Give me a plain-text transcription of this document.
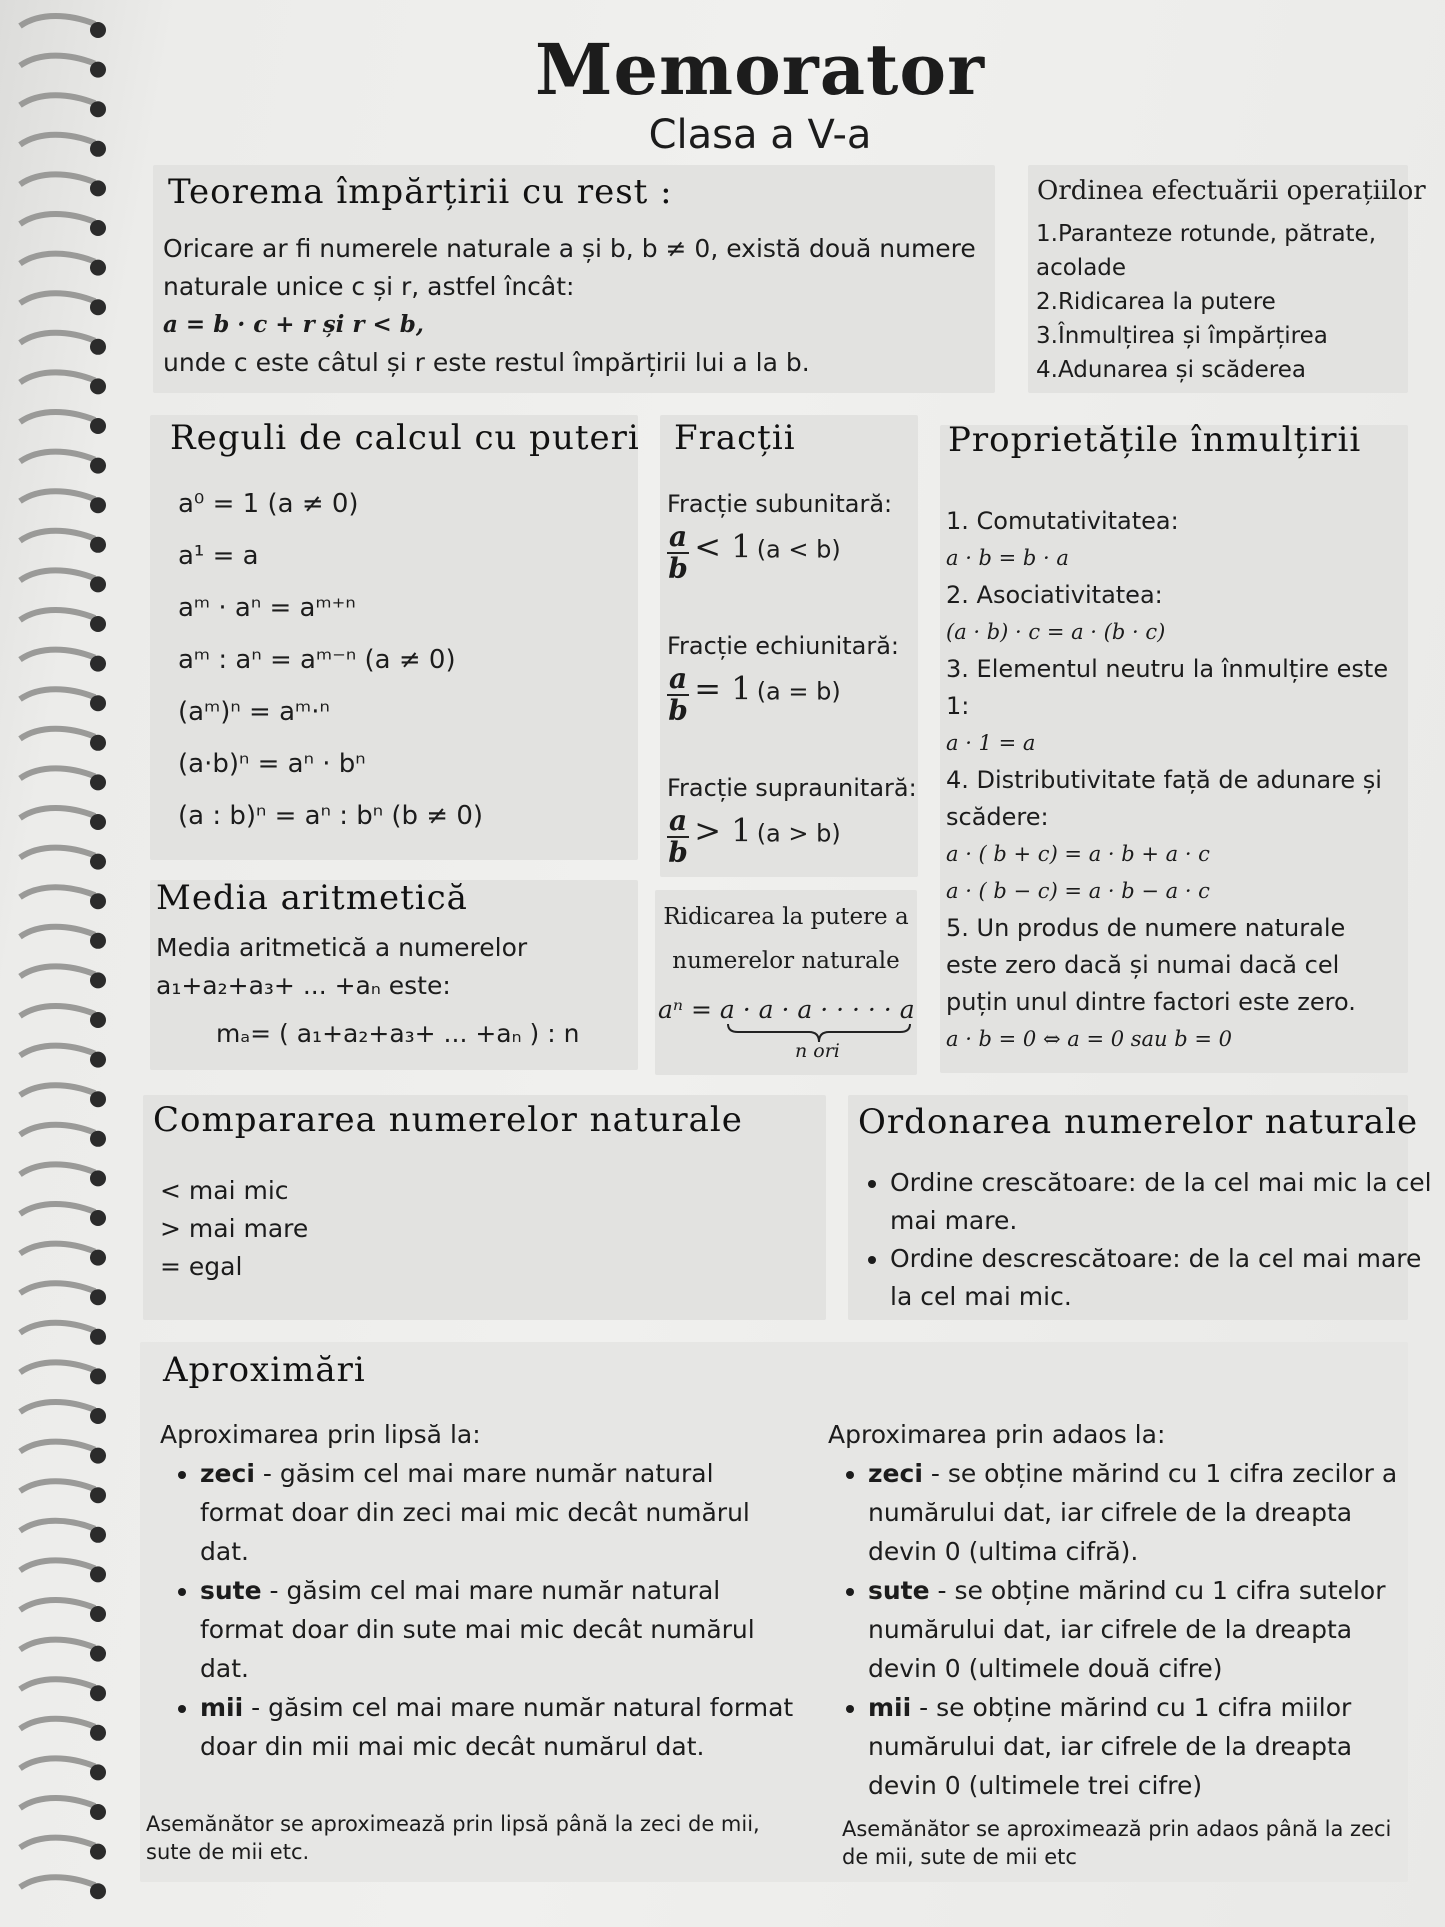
Memorator
Clasa a V-a
Teorema împărțirii cu rest :
Oricare ar fi numerele naturale a și b, b ≠ 0, există două numere
naturale unice c și r, astfel încât:
a = b · c + r și r < b,
unde c este câtul și r este restul împărțirii lui a la b.
Ordinea efectuării operațiilor
1.Paranteze rotunde, pătrate,
acolade
2.Ridicarea la putere
3.Înmulțirea și împărțirea
4.Adunarea și scăderea
Reguli de calcul cu puteri
a⁰ = 1 (a ≠ 0)
a¹ = a
aᵐ · aⁿ = aᵐ⁺ⁿ
aᵐ : aⁿ = aᵐ⁻ⁿ (a ≠ 0)
(aᵐ)ⁿ = aᵐ·ⁿ
(a·b)ⁿ = aⁿ · bⁿ
(a : b)ⁿ = aⁿ : bⁿ (b ≠ 0)
Fracții
Fracție subunitară:
$\frac{a}{b} < 1$ (a < b)
Fracție echiunitară:
$\frac{a}{b} = 1$ (a = b)
Fracție supraunitară:
$\frac{a}{b} > 1$ (a > b)
Ridicarea la putere a
numerelor naturale
aⁿ = a · a · a · · · · · a
n ori
Proprietățile înmulțirii
1. Comutativitatea:
a · b = b · a
2. Asociativitatea:
(a · b) · c = a · (b · c)
3. Elementul neutru la înmulțire este
1:
a · 1 = a
4. Distributivitate față de adunare și
scădere:
a · ( b + c) = a · b + a · c
a · ( b − c) = a · b − a · c
5. Un produs de numere naturale
este zero dacă și numai dacă cel
puțin unul dintre factori este zero.
a · b = 0 ⇔ a = 0 sau b = 0
Media aritmetică
Media aritmetică a numerelor
a₁+a₂+a₃+ ... +aₙ este:
mₐ= ( a₁+a₂+a₃+ ... +aₙ ) : n
Compararea numerelor naturale
< mai mic
> mai mare
= egal
Ordonarea numerelor naturale
• Ordine crescătoare: de la cel mai mic la cel mai mare.
• Ordine descrescătoare: de la cel mai mare la cel mai mic.
Aproximări
Aproximarea prin lipsă la:
• zeci - găsim cel mai mare număr natural format doar din zeci mai mic decât numărul dat.
• sute - găsim cel mai mare număr natural format doar din sute mai mic decât numărul dat.
• mii - găsim cel mai mare număr natural format doar din mii mai mic decât numărul dat.
Asemănător se aproximează prin lipsă până la zeci de mii, sute de mii etc.
Aproximarea prin adaos la:
• zeci - se obține mărind cu 1 cifra zecilor a numărului dat, iar cifrele de la dreapta devin 0 (ultima cifră).
• sute - se obține mărind cu 1 cifra sutelor numărului dat, iar cifrele de la dreapta devin 0 (ultimele două cifre)
• mii - se obține mărind cu 1 cifra miilor numărului dat, iar cifrele de la dreapta devin 0 (ultimele trei cifre)
Asemănător se aproximează prin adaos până la zeci de mii, sute de mii etc
